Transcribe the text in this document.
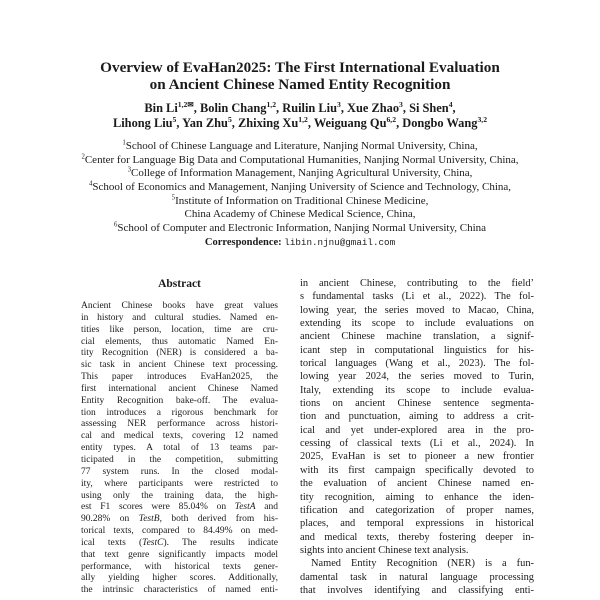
Overview of EvaHan2025: The First International Evaluation
on Ancient Chinese Named Entity Recognition
Bin $Li^{1,2✉}$, Bolin Chang$^{1,2}$, Ruilin Liu$^3$, Xue Zhao$^3$, Si Shen$^4$,
Lihong Liu$^5$, Yan Zhu$^5$, Zhixing Xu$^{1,2}$, Weiguang Qu$^{6,2}$, Dongbo Wang$^{3,2}$
$^1$School of Chinese Language and Literature, Nanjing Normal University, China,
$^2$Center for Language Big Data and Computational Humanities, Nanjing Normal University, China,
$^3$College of Information Management, Nanjing Agricultural University, China,
$^4$School of Economics and Management, Nanjing University of Science and Technology, China,
$^5$Institute of Information on Traditional Chinese Medicine,
China Academy of Chinese Medical Science, China,
$^6$School of Computer and Electronic Information, Nanjing Normal University, China
Correspondence: libin.njnu@gmail.com
Abstract
Ancient Chinese books have great values
in history and cultural studies. Named en-
tities like person, location, time are cru-
cial elements, thus automatic Named En-
tity Recognition (NER) is considered a ba-
sic task in ancient Chinese text processing.
This paper introduces EvaHan2025, the
first international ancient Chinese Named
Entity Recognition bake-off. The evalua-
tion introduces a rigorous benchmark for
assessing NER performance across histori-
cal and medical texts, covering 12 named
entity types. A total of 13 teams par-
ticipated in the competition, submitting
77 system runs. In the closed modal-
ity, where participants were restricted to
using only the training data, the high-
est F1 scores were 85.04% on TestA and
90.28% on TestB, both derived from his-
torical texts, compared to 84.49% on med-
ical texts (TestC). The results indicate
that text genre significantly impacts model
performance, with historical texts gener-
ally yielding higher scores. Additionally,
the intrinsic characteristics of named enti-
in ancient Chinese, contributing to the field’
s fundamental tasks (Li et al., 2022). The fol-
lowing year, the series moved to Macao, China,
extending its scope to include evaluations on
ancient Chinese machine translation, a signif-
icant step in computational linguistics for his-
torical languages (Wang et al., 2023). The fol-
lowing year 2024, the series moved to Turin,
Italy, extending its scope to include evalua-
tions on ancient Chinese sentence segmenta-
tion and punctuation, aiming to address a crit-
ical and yet under-explored area in the pro-
cessing of classical texts (Li et al., 2024). In
2025, EvaHan is set to pioneer a new frontier
with its first campaign specifically devoted to
the evaluation of ancient Chinese named en-
tity recognition, aiming to enhance the iden-
tification and categorization of proper names,
places, and temporal expressions in historical
and medical texts, thereby fostering deeper in-
sights into ancient Chinese text analysis.
Named Entity Recognition (NER) is a fun-
damental task in natural language processing
that involves identifying and classifying enti-
